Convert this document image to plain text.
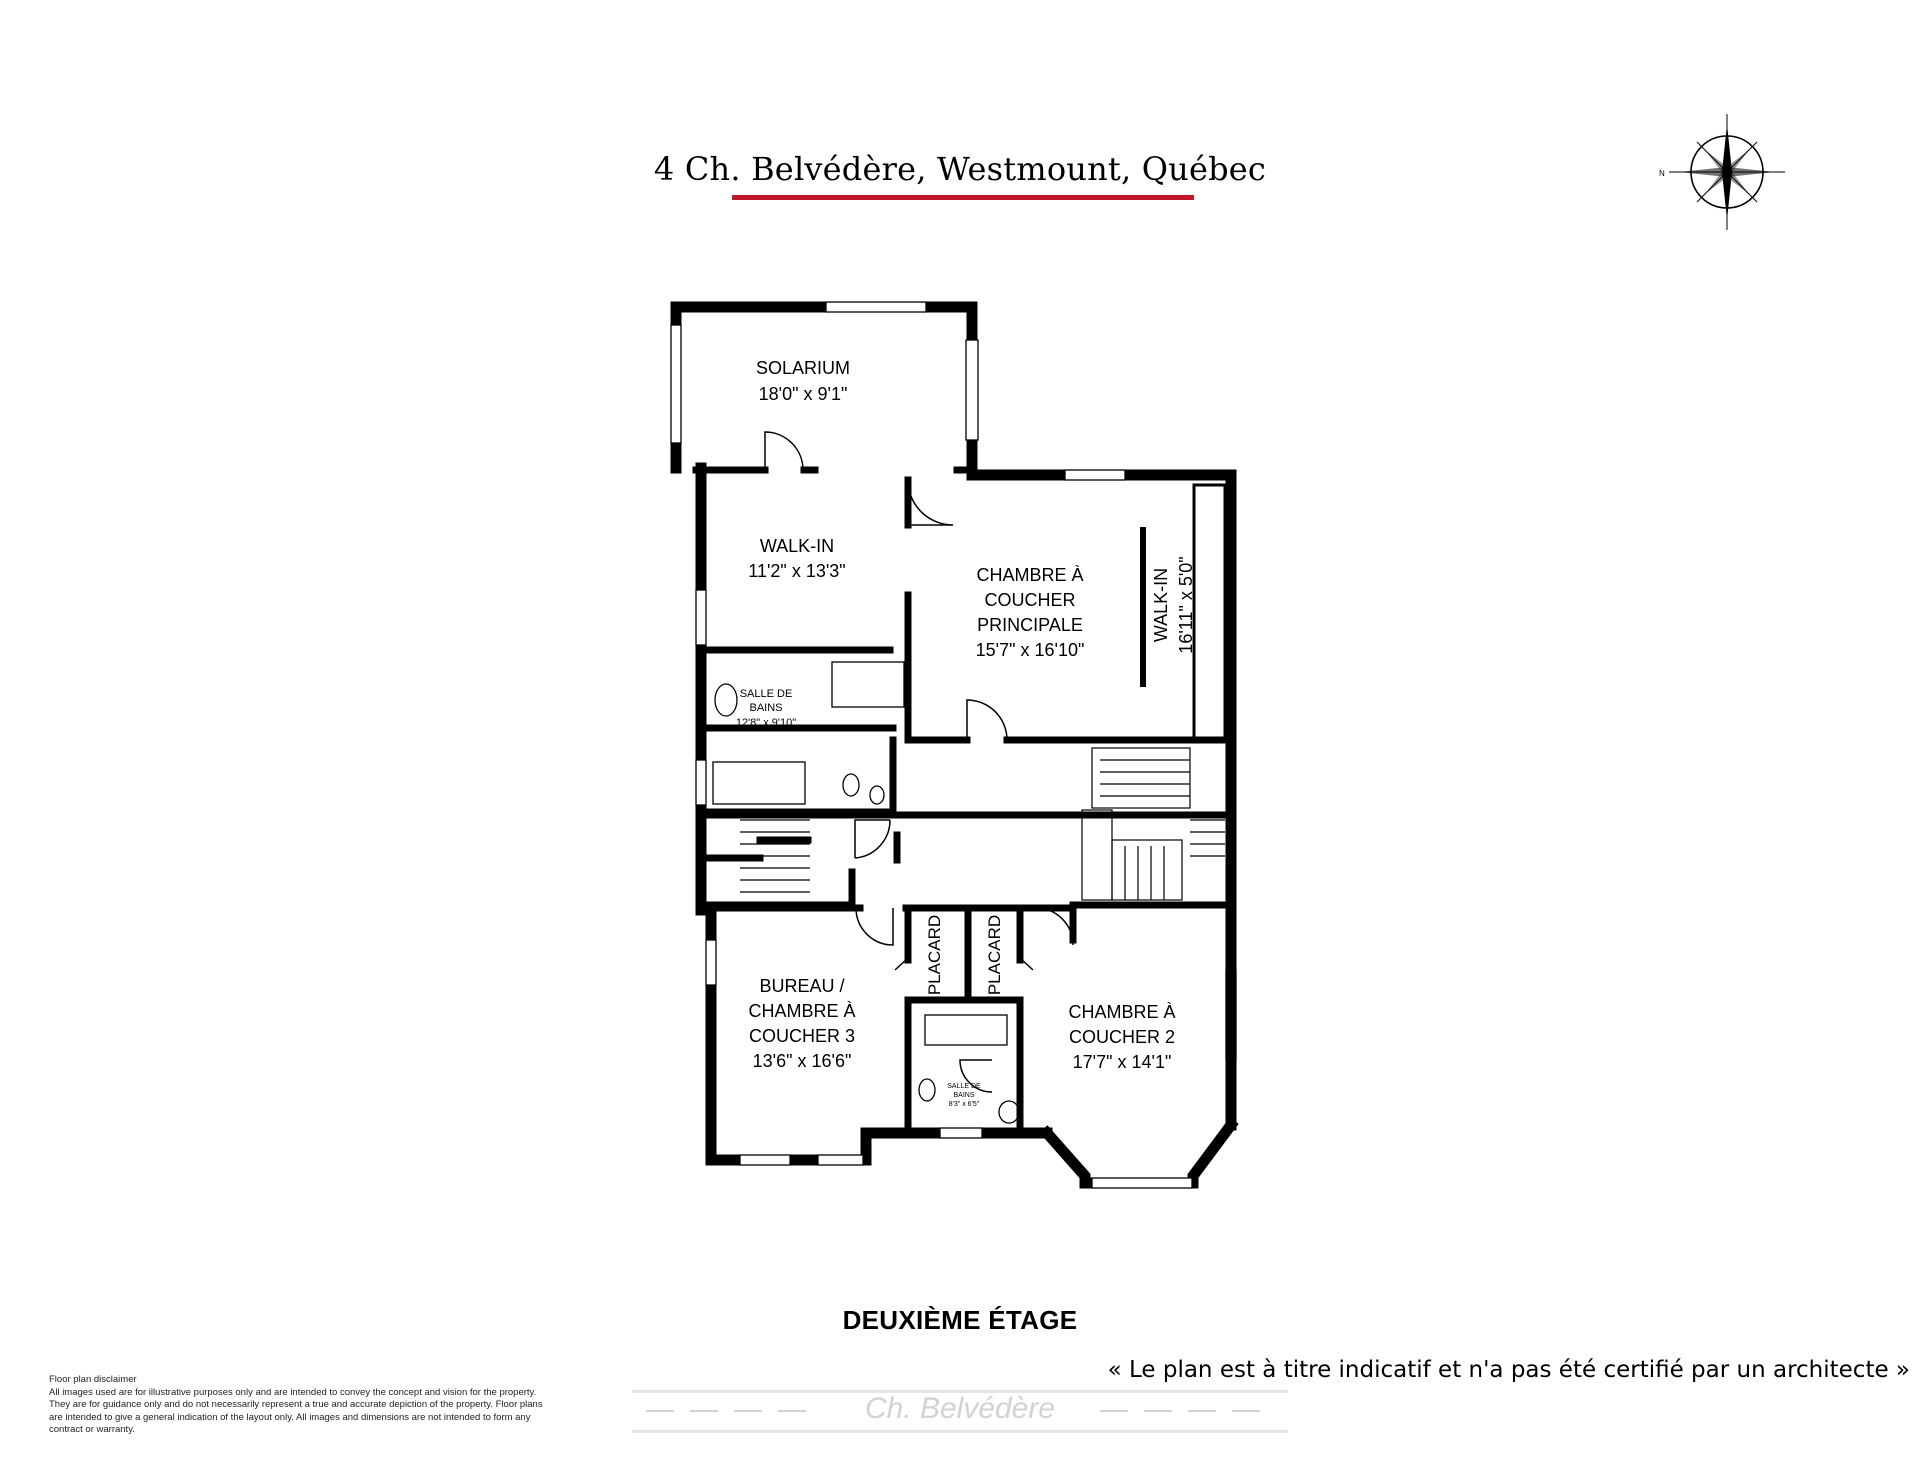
4 Ch. Belvédère, Westmount, Québec	N
SOLARIUM
18'0" x 9'1"
WALK-IN
11'2" x 13'3"	CHAMBRE À
COUCHER
PRINCIPALE
15'7" x 16'10"
WALK-IN 16'11" x 5'0"
SALLE DE
BAINS
12'8" x 9'10"
BUREAU /
CHAMBRE À
COUCHER 3
13'6" x 16'6"
CHAMBRE À
COUCHER 2
17'7" x 14'1"
SALLE DE
BAINS
8'3" x 6'5"
PLACARD PLACARD
DEUXIÈME ÉTAGE
« Le plan est à titre indicatif et n'a pas été certifié par un architecte »
Ch. Belvédère
Floor plan disclaimer
All images used are for illustrative purposes only and are intended to convey the concept and vision for the property. They are for guidance only and do not necessarily represent a true and accurate depiction of the property. Floor plans are intended to give a general indication of the layout only. All images and dimensions are not intended to form any contract or warranty.
